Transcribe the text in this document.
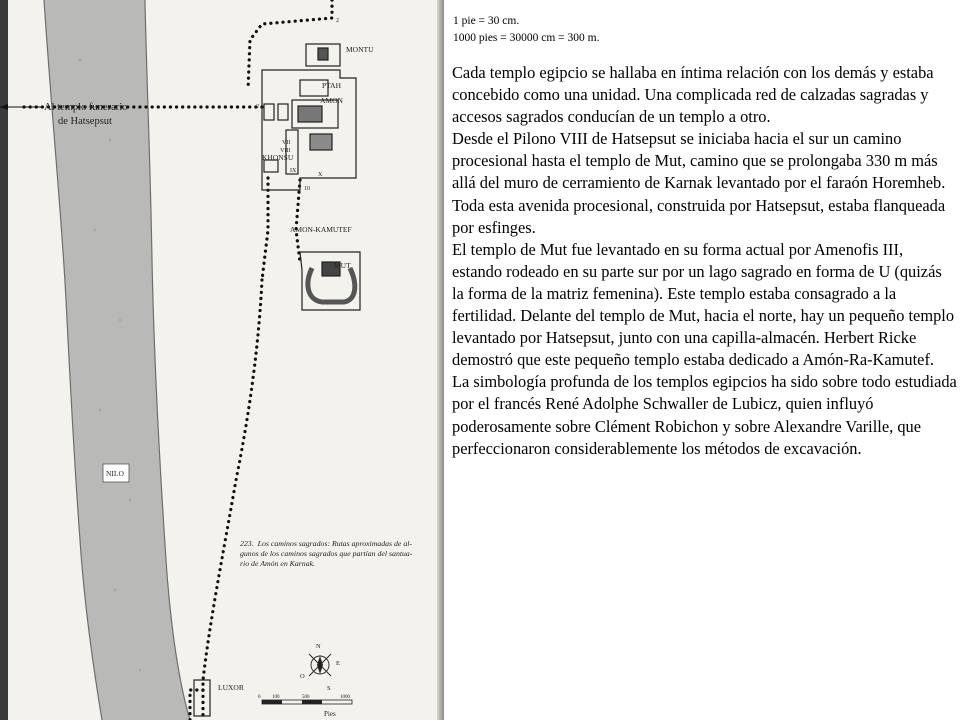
Al templo funerario
de Hatsepsut
MONTU
PTAH
AMON
KHONSU
AMON-KAMUTEF
MUT
LUXOR
VII
VIII
IX
X
2
2
10
NILO
223. Los caminos sagrados: Rutas aproximadas de al-
gunos de los caminos sagrados que partían del santua-
rio de Amón en Karnak.
N
E
S
O
0 100	500	1000
Pies
1 pie = 30 cm.
1000 pies = 30000 cm = 300 m.

Cada templo egipcio se hallaba en íntima relación con los demás y estaba concebido como una unidad. Una complicada red de calzadas sagradas y accesos sagrados conducían de un templo a otro.

Desde el Pilono VIII de Hatsepsut se iniciaba hacia el sur un camino procesional hasta el templo de Mut, camino que se prolongaba 330 m más allá del muro de cerramiento de Karnak levantado por el faraón Horemheb. Toda esta avenida procesional, construida por Hatsepsut, estaba flanqueada por esfinges.

El templo de Mut fue levantado en su forma actual por Amenofis III, estando rodeado en su parte sur por un lago sagrado en forma de U (quizás la forma de la matriz femenina). Este templo estaba consagrado a la fertilidad. Delante del templo de Mut, hacia el norte, hay un pequeño templo levantado por Hatsepsut, junto con una capilla-almacén. Herbert Ricke demostró que este pequeño templo estaba dedicado a Amón-Ra-Kamutef.

La simbología profunda de los templos egipcios ha sido sobre todo estudiada por el francés René Adolphe Schwaller de Lubicz, quien influyó poderosamente sobre Clément Robichon y sobre Alexandre Varille, que perfeccionaron considerablemente los métodos de excavación.
